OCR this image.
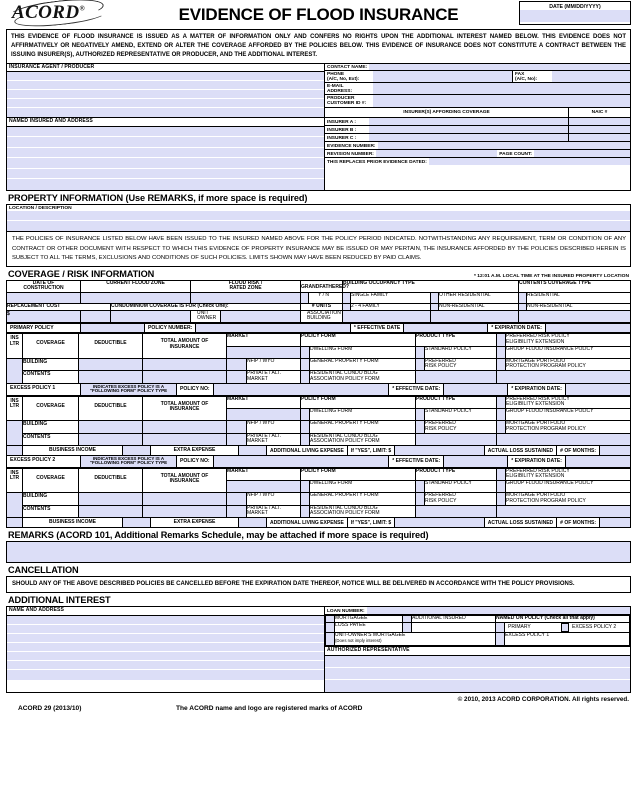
ACORD®	EVIDENCE OF FLOOD INSURANCE	DATE (MM/DD/YYYY)
THIS EVIDENCE OF FLOOD INSURANCE IS ISSUED AS A MATTER OF INFORMATION ONLY AND CONFERS NO RIGHTS UPON THE ADDITIONAL INTEREST NAMED BELOW. THIS EVIDENCE DOES NOT AFFIRMATIVELY OR NEGATIVELY AMEND, EXTEND OR ALTER THE COVERAGE AFFORDED BY THE POLICIES BELOW. THIS EVIDENCE OF INSURANCE DOES NOT CONSTITUTE A CONTRACT BETWEEN THE ISSUING INSURER(S), AUTHORIZED REPRESENTATIVE OR PRODUCER, AND THE ADDITIONAL INTEREST.
INSURANCE AGENT / PRODUCER
NAMED INSURED AND ADDRESS
CONTACT NAME:
PHONE
(A/C, No, Ext):
FAX
(A/C, No):
E-MAIL
ADDRESS:
PRODUCER
CUSTOMER ID #:
INSURER(S) AFFORDING COVERAGE	NAIC #
INSURER A :
INSURER B :
INSURER C :
EVIDENCE NUMBER:
REVISION NUMBER:	PAGE COUNT:
THIS REPLACES PRIOR EVIDENCE DATED:
PROPERTY INFORMATION (Use REMARKS, if more space is required)
LOCATION / DESCRIPTION
THE POLICIES OF INSURANCE LISTED BELOW HAVE BEEN ISSUED TO THE INSURED NAMED ABOVE FOR THE POLICY PERIOD INDICATED. NOTWITHSTANDING ANY REQUIREMENT, TERM OR CONDITION OF ANY CONTRACT OR OTHER DOCUMENT WITH RESPECT TO WHICH THIS EVIDENCE OF PROPERTY INSURANCE MAY BE ISSUED OR MAY PERTAIN, THE INSURANCE AFFORDED BY THE POLICIES DESCRIBED HEREIN IS SUBJECT TO ALL THE TERMS, EXCLUSIONS AND CONDITIONS OF SUCH POLICIES. LIMITS SHOWN MAY HAVE BEEN REDUCED BY PAID CLAIMS.
COVERAGE / RISK INFORMATION	* 12:01 A.M. LOCAL TIME AT THE INSURED PROPERTY LOCATION
DATE OF
CONSTRUCTION	CURRENT FLOOD ZONE		FLOOD RISK /
RATED ZONE		GRANDFATHERED?		BUILDING OCCUPANCY TYPE				CONTENTS COVERAGE TYPE	
						Y / N		SINGLE FAMILY		OTHER RESIDENTIAL		RESIDENTIAL
REPLACEMENT COST		CONDOMINIUM COVERAGE IS FOR (Check One):			# UNITS			2 - 4 FAMILY		NON-RESIDENTIAL		NON-RESIDENTIAL
$			UNIT OWNER		ASSOCIATION BUILDING							
PRIMARY POLICY	POLICY NUMBER:	* EFFECTIVE DATE	* EXPIRATION DATE:
INS
LTR	COVERAGE	DEDUCTIBLE	TOTAL AMOUNT OF
INSURANCE	MARKET		POLICY FORM		PRODUCT TYPE			PREFERRED RISK POLICY
ELIGIBILITY EXTENSION
							DWELLING FORM		STANDARD POLICY		GROUP FLOOD INSURANCE POLICY
	BUILDING				NFIP / WYO		GENERAL PROPERTY FORM		PREFERRED
RISK POLICY		MORTGAGE PORTFOLIO
PROTECTION PROGRAM POLICY
	CONTENTS				PRIVATE / ALT.
MARKET		RESIDENTIAL CONDO BLDG
ASSOCIATION POLICY FORM				
EXCESS POLICY 1	INDICATES EXCESS POLICY IS A
"FOLLOWING FORM" POLICY TYPE	POLICY NO:	* EFFECTIVE DATE:	* EXPIRATION DATE:
INS
LTR	COVERAGE	DEDUCTIBLE	TOTAL AMOUNT OF
INSURANCE	MARKET		POLICY FORM		PRODUCT TYPE			PREFERRED RISK POLICY
ELIGIBILITY EXTENSION
							DWELLING FORM		STANDARD POLICY		GROUP FLOOD INSURANCE POLICY
	BUILDING				NFIP / WYO		GENERAL PROPERTY FORM		PREFERRED
RISK POLICY		MORTGAGE PORTFOLIO
PROTECTION PROGRAM POLICY
	CONTENTS				PRIVATE / ALT.
MARKET		RESIDENTIAL CONDO BLDG
ASSOCIATION POLICY FORM				
BUSINESS INCOME	EXTRA EXPENSE	ADDITIONAL LIVING EXPENSE	If "YES", LIMIT: $	ACTUAL LOSS SUSTAINED	# OF MONTHS:
EXCESS POLICY 2	INDICATES EXCESS POLICY IS A
"FOLLOWING FORM" POLICY TYPE	POLICY NO:	* EFFECTIVE DATE:	* EXPIRATION DATE:
INS
LTR	COVERAGE	DEDUCTIBLE	TOTAL AMOUNT OF
INSURANCE	MARKET		POLICY FORM		PRODUCT TYPE			PREFERRED RISK POLICY
ELIGIBILITY EXTENSION
							DWELLING FORM		STANDARD POLICY		GROUP FLOOD INSURANCE POLICY
	BUILDING				NFIP / WYO		GENERAL PROPERTY FORM		PREFERRED
RISK POLICY		MORTGAGE PORTFOLIO
PROTECTION PROGRAM POLICY
	CONTENTS				PRIVATE / ALT.
MARKET		RESIDENTIAL CONDO BLDG
ASSOCIATION POLICY FORM				
BUSINESS INCOME	EXTRA EXPENSE	ADDITIONAL LIVING EXPENSE	If "YES", LIMIT: $	ACTUAL LOSS SUSTAINED	# OF MONTHS:
REMARKS (ACORD 101, Additional Remarks Schedule, may be attached if more space is required)
CANCELLATION
SHOULD ANY OF THE ABOVE DESCRIBED POLICIES BE CANCELLED BEFORE THE EXPIRATION DATE THEREOF, NOTICE WILL BE DELIVERED IN ACCORDANCE WITH THE POLICY PROVISIONS.
ADDITIONAL INTEREST
NAME AND ADDRESS	LOAN NUMBER:
	MORTGAGEE		ADDITIONAL INSURED	NAMED ON POLICY (Check all that apply)	
	LOSS PAYEE				PRIMARY EXCESS POLICY 2

	UNIT-OWNER'S MORTGAGEE
(Does not imply interest)				EXCESS POLICY 1
AUTHORIZED REPRESENTATIVE
© 2010, 2013 ACORD CORPORATION. All rights reserved.
ACORD 29 (2013/10)	The ACORD name and logo are registered marks of ACORD
